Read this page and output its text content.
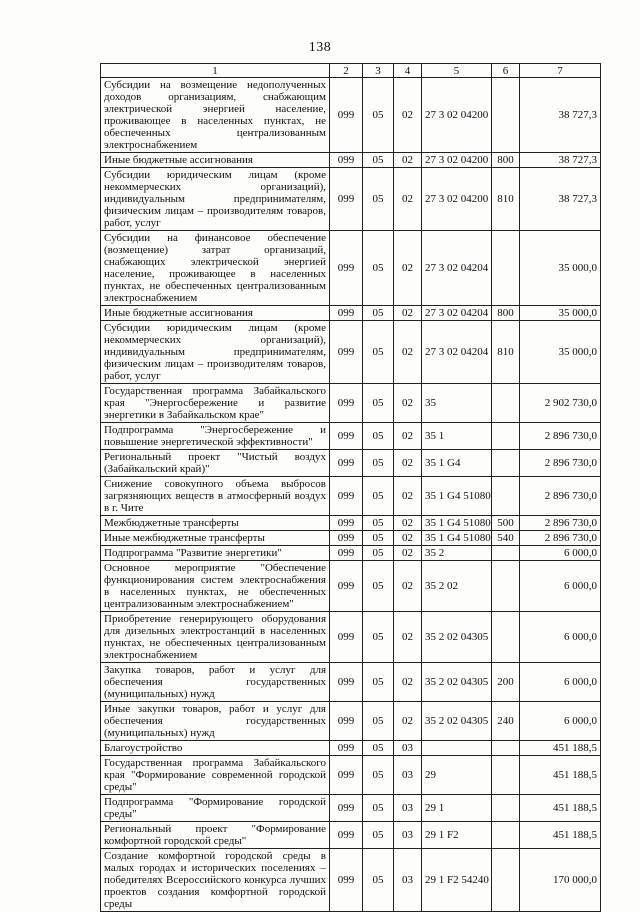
138
1	2	3	4	5	6	7
Субсидии на возмещение недополученных доходов организациям, снабжающим электрической энергией население, проживающее в населенных пунктах, не обеспеченных централизованным электроснабжением	099	05	02	27 3 02 04200		38 727,3
Иные бюджетные ассигнования	099	05	02	27 3 02 04200	800	38 727,3
Субсидии юридическим лицам (кроме некоммерческих организаций), индивидуальным предпринимателям, физическим лицам – производителям товаров, работ, услуг	099	05	02	27 3 02 04200	810	38 727,3
Субсидии на финансовое обеспечение (возмещение) затрат организаций, снабжающих электрической энергией население, проживающее в населенных пунктах, не обеспеченных централизованным электроснабжением	099	05	02	27 3 02 04204		35 000,0
Иные бюджетные ассигнования	099	05	02	27 3 02 04204	800	35 000,0
Субсидии юридическим лицам (кроме некоммерческих организаций), индивидуальным предпринимателям, физическим лицам – производителям товаров, работ, услуг	099	05	02	27 3 02 04204	810	35 000,0
Государственная программа Забайкальского края "Энергосбережение и развитие энергетики в Забайкальском крае"	099	05	02	35		2 902 730,0
Подпрограмма "Энергосбережение и повышение энергетической эффективности"	099	05	02	35 1		2 896 730,0
Региональный проект "Чистый воздух (Забайкальский край)"	099	05	02	35 1 G4		2 896 730,0
Снижение совокупного объема выбросов загрязняющих веществ в атмосферный воздух в г. Чите	099	05	02	35 1 G4 51080		2 896 730,0
Межбюджетные трансферты	099	05	02	35 1 G4 51080	500	2 896 730,0
Иные межбюджетные трансферты	099	05	02	35 1 G4 51080	540	2 896 730,0
Подпрограмма "Развитие энергетики"	099	05	02	35 2		6 000,0
Основное мероприятие "Обеспечение функционирования систем электроснабжения в населенных пунктах, не обеспеченных централизованным электроснабжением"	099	05	02	35 2 02		6 000,0
Приобретение генерирующего оборудования для дизельных электростанций в населенных пунктах, не обеспеченных централизованным электроснабжением	099	05	02	35 2 02 04305		6 000,0
Закупка товаров, работ и услуг для обеспечения государственных (муниципальных) нужд	099	05	02	35 2 02 04305	200	6 000,0
Иные закупки товаров, работ и услуг для обеспечения государственных (муниципальных) нужд	099	05	02	35 2 02 04305	240	6 000,0
Благоустройство	099	05	03			451 188,5
Государственная программа Забайкальского края "Формирование современной городской среды"	099	05	03	29		451 188,5
Подпрограмма "Формирование городской среды"	099	05	03	29 1		451 188,5
Региональный проект "Формирование комфортной городской среды"	099	05	03	29 1 F2		451 188,5
Создание комфортной городской среды в малых городах и исторических поселениях – победителях Всероссийского конкурса лучших проектов создания комфортной городской среды	099	05	03	29 1 F2 54240		170 000,0
